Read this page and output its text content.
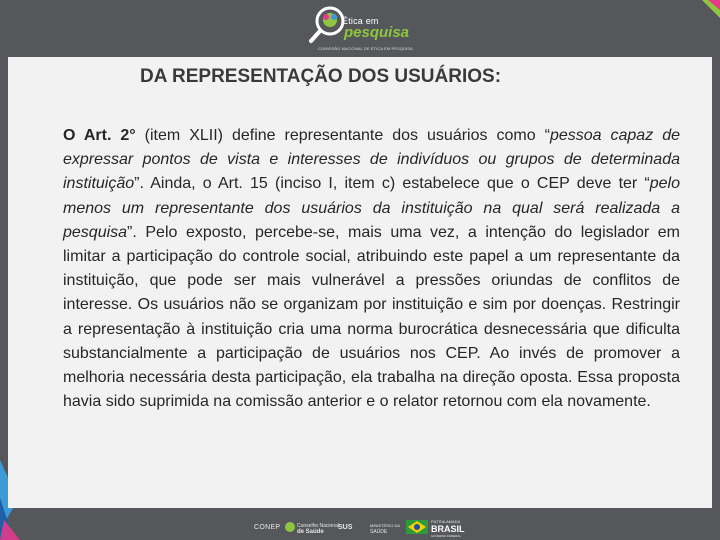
Ética em
pesquisa
COMISSÃO NACIONAL DE ÉTICA EM PESQUISA
DA REPRESENTAÇÃO DOS USUÁRIOS:

O Art. 2° (item XLII) define representante dos usuários como “pessoa capaz de expressar pontos de vista e interesses de indivíduos ou grupos de determinada instituição”. Ainda, o Art. 15 (inciso I, item c) estabelece que o CEP deve ter “pelo menos um representante dos usuários da instituição na qual será realizada a pesquisa”. Pelo exposto, percebe-se, mais uma vez, a intenção do legislador em limitar a participação do controle social, atribuindo este papel a um representante da instituição, que pode ser mais vulnerável a pressões oriundas de conflitos de interesse. Os usuários não se organizam por instituição e sim por doenças. Restringir a representação à instituição cria uma norma burocrática desnecessária que dificulta substancialmente a participação de usuários nos CEP. Ao invés de promover a melhoria necessária desta participação, ela trabalha na direção oposta. Essa proposta havia sido suprimida na comissão anterior e o relator retornou com ela novamente.

CONEP	Conselho Nacional
de Saúde
SUS	MINISTÉRIO DA
SAÚDE
PÁTRIA AMADA
BRASIL
GOVERNO FEDERAL
